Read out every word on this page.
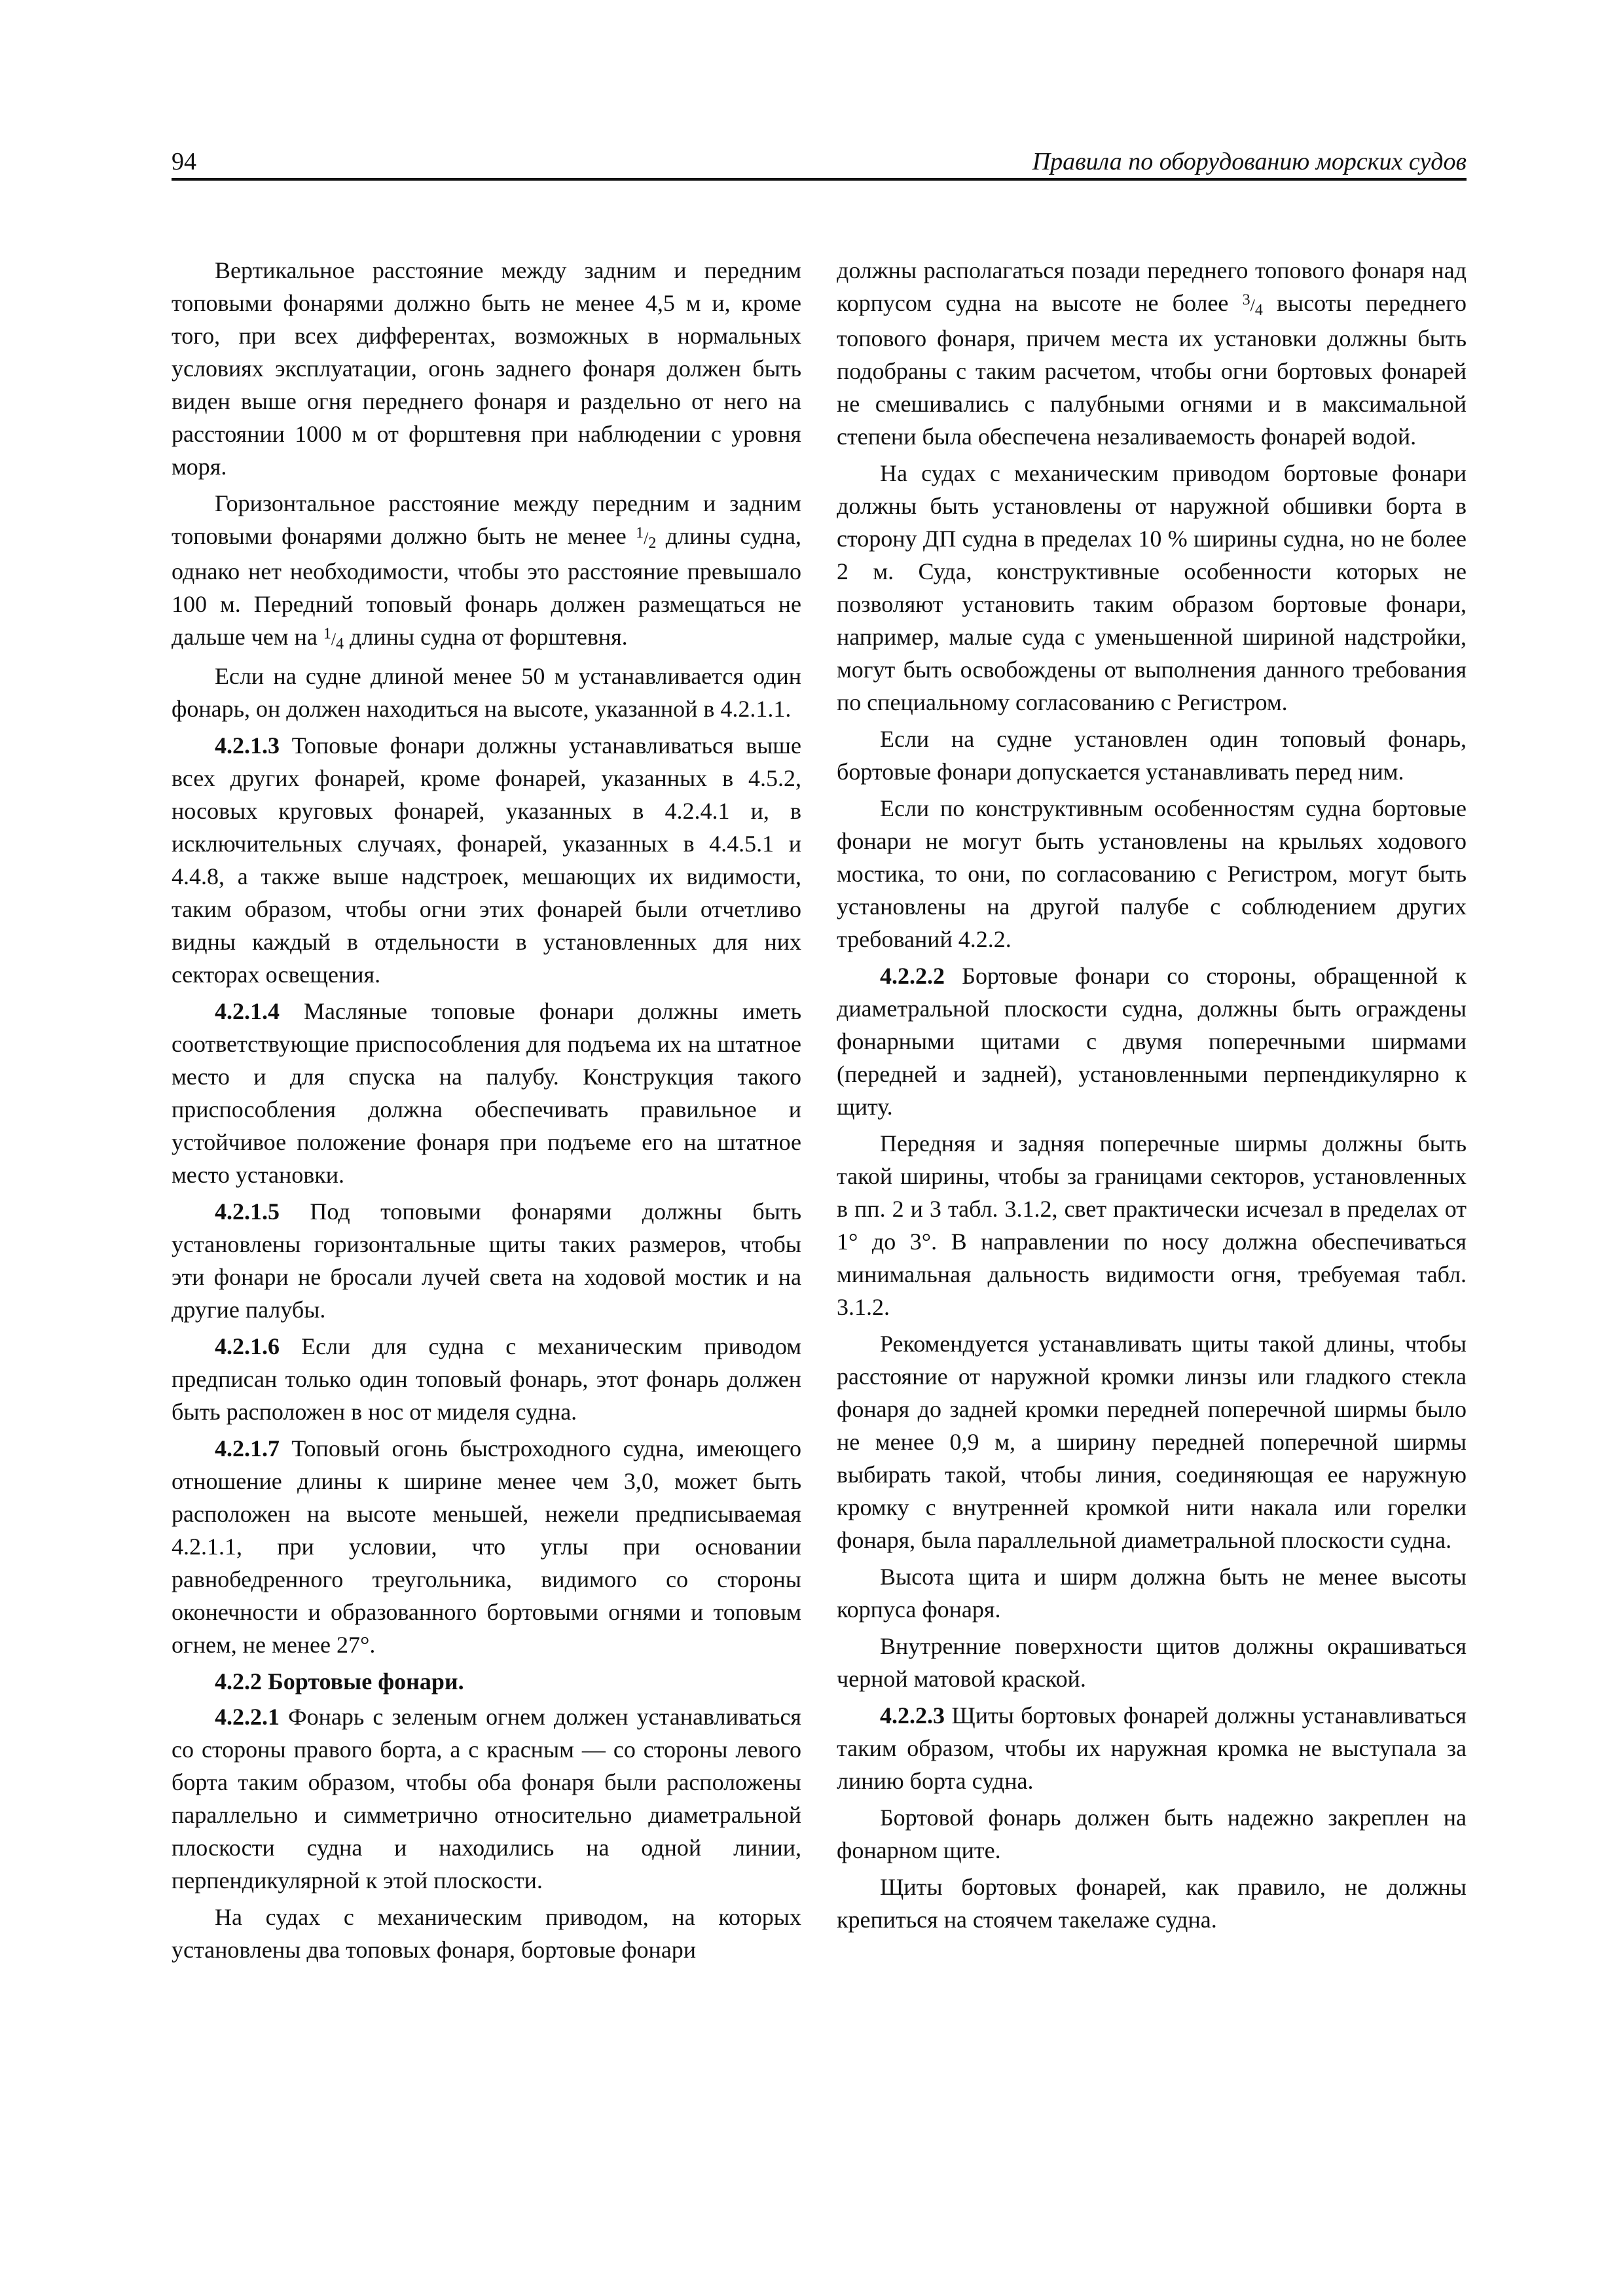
94	Правила по оборудованию морских судов

Вертикальное расстояние между задним и передним топовыми фонарями должно быть не менее 4,5 м и, кроме того, при всех дифферентах, возможных в нормальных условиях эксплуатации, огонь заднего фонаря должен быть виден выше огня переднего фонаря и раздельно от него на расстоянии 1000 м от форштевня при наблюдении с уровня моря.

Горизонтальное расстояние между передним и задним топовыми фонарями должно быть не менее $^1/_2$ длины судна, однако нет необходимости, чтобы это расстояние превышало 100 м. Передний топовый фонарь должен размещаться не дальше чем на $^1/_4$ длины судна от форштевня.

Если на судне длиной менее 50 м устанавливается один фонарь, он должен находиться на высоте, указанной в 4.2.1.1.

4.2.1.3 Топовые фонари должны устанавливаться выше всех других фонарей, кроме фонарей, указанных в 4.5.2, носовых круговых фонарей, указанных в 4.2.4.1 и, в исключительных случаях, фонарей, указанных в 4.4.5.1 и 4.4.8, а также выше надстроек, мешающих их видимости, таким образом, чтобы огни этих фонарей были отчетливо видны каждый в отдельности в установленных для них секторах освещения.

4.2.1.4 Масляные топовые фонари должны иметь соответствующие приспособления для подъема их на штатное место и для спуска на палубу. Конструкция такого приспособления должна обеспечивать правильное и устойчивое положение фонаря при подъеме его на штатное место установки.

4.2.1.5 Под топовыми фонарями должны быть установлены горизонтальные щиты таких размеров, чтобы эти фонари не бросали лучей света на ходовой мостик и на другие палубы.

4.2.1.6 Если для судна с механическим приводом предписан только один топовый фонарь, этот фонарь должен быть расположен в нос от миделя судна.

4.2.1.7 Топовый огонь быстроходного судна, имеющего отношение длины к ширине менее чем 3,0, может быть расположен на высоте меньшей, нежели предписываемая 4.2.1.1, при условии, что углы при основании равнобедренного треугольника, видимого со стороны оконечности и образованного бортовыми огнями и топовым огнем, не менее 27°.

4.2.2 Бортовые фонари.

4.2.2.1 Фонарь с зеленым огнем должен устанавливаться со стороны правого борта, а с красным — со стороны левого борта таким образом, чтобы оба фонаря были расположены параллельно и симметрично относительно диаметральной плоскости судна и находились на одной линии, перпендикулярной к этой плоскости.

На судах с механическим приводом, на которых установлены два топовых фонаря, бортовые фонари

должны располагаться позади переднего топового фонаря над корпусом судна на высоте не более $^3/_4$ высоты переднего топового фонаря, причем места их установки должны быть подобраны с таким расчетом, чтобы огни бортовых фонарей не смешивались с палубными огнями и в максимальной степени была обеспечена незаливаемость фонарей водой.

На судах с механическим приводом бортовые фонари должны быть установлены от наружной обшивки борта в сторону ДП судна в пределах 10 % ширины судна, но не более 2 м. Суда, конструктивные особенности которых не позволяют установить таким образом бортовые фонари, например, малые суда с уменьшенной шириной надстройки, могут быть освобождены от выполнения данного требования по специальному согласованию с Регистром.

Если на судне установлен один топовый фонарь, бортовые фонари допускается устанавливать перед ним.

Если по конструктивным особенностям судна бортовые фонари не могут быть установлены на крыльях ходового мостика, то они, по согласованию с Регистром, могут быть установлены на другой палубе с соблюдением других требований 4.2.2.

4.2.2.2 Бортовые фонари со стороны, обращенной к диаметральной плоскости судна, должны быть ограждены фонарными щитами с двумя поперечными ширмами (передней и задней), установленными перпендикулярно к щиту.

Передняя и задняя поперечные ширмы должны быть такой ширины, чтобы за границами секторов, установленных в пп. 2 и 3 табл. 3.1.2, свет практически исчезал в пределах от 1° до 3°. В направлении по носу должна обеспечиваться минимальная дальность видимости огня, требуемая табл. 3.1.2.

Рекомендуется устанавливать щиты такой длины, чтобы расстояние от наружной кромки линзы или гладкого стекла фонаря до задней кромки передней поперечной ширмы было не менее 0,9 м, а ширину передней поперечной ширмы выбирать такой, чтобы линия, соединяющая ее наружную кромку с внутренней кромкой нити накала или горелки фонаря, была параллельной диаметральной плоскости судна.

Высота щита и ширм должна быть не менее высоты корпуса фонаря.

Внутренние поверхности щитов должны окрашиваться черной матовой краской.

4.2.2.3 Щиты бортовых фонарей должны устанавливаться таким образом, чтобы их наружная кромка не выступала за линию борта судна.

Бортовой фонарь должен быть надежно закреплен на фонарном щите.

Щиты бортовых фонарей, как правило, не должны крепиться на стоячем такелаже судна.
